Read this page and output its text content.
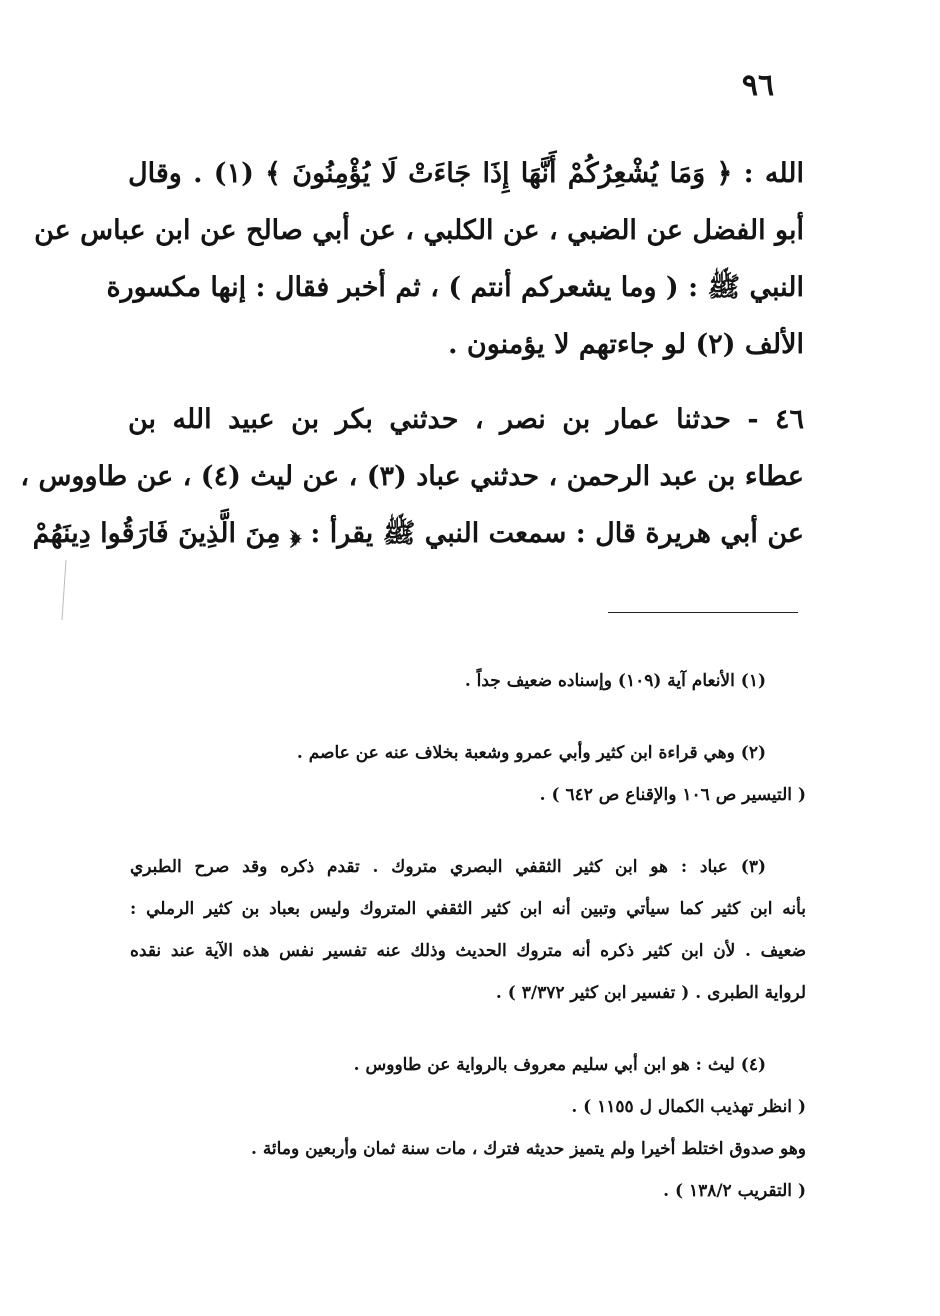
٩٦

الله : ﴿ وَمَا يُشْعِرُكُمْ أَنَّهَا إِذَا جَاءَتْ لَا يُؤْمِنُونَ ﴾ (١) . وقال
أبو الفضل عن الضبي ، عن الكلبي ، عن أبي صالح عن ابن عباس عن
النبي ﷺ : ( وما يشعركم أنتم ) ، ثم أخبر فقال : إنها مكسورة
الألف (٢) لو جاءتهم لا يؤمنون .

٤٦ - حدثنا عمار بن نصر ، حدثني بكر بن عبيد الله بن
عطاء بن عبد الرحمن ، حدثني عباد (٣) ، عن ليث (٤) ، عن طاووس ،
عن أبي هريرة قال : سمعت النبي ﷺ يقرأ : ﴿ مِنَ الَّذِينَ فَارَقُوا دِينَهُمْ

(١) الأنعام آية (١٠٩) وإسناده ضعيف جداً .
(٢) وهي قراءة ابن كثير وأبي عمرو وشعبة بخلاف عنه عن عاصم .
( التيسير ص ١٠٦ والإقناع ص ٦٤٢ ) .
(٣) عباد : هو ابن كثير الثقفي البصري متروك . تقدم ذكره وقد صرح الطبري
بأنه ابن كثير كما سيأتي وتبين أنه ابن كثير الثقفي المتروك وليس بعباد بن كثير الرملي :
ضعيف . لأن ابن كثير ذكره أنه متروك الحديث وذلك عنه تفسير نفس هذه الآية عند نقده
لرواية الطبرى . ( تفسير ابن كثير ٣/٣٧٢ ) .
(٤) ليث : هو ابن أبي سليم معروف بالرواية عن طاووس .
( انظر تهذيب الكمال ل ١١٥٥ ) .
وهو صدوق اختلط أخيرا ولم يتميز حديثه فترك ، مات سنة ثمان وأربعين ومائة .
( التقريب ١٣٨/٢ ) .
